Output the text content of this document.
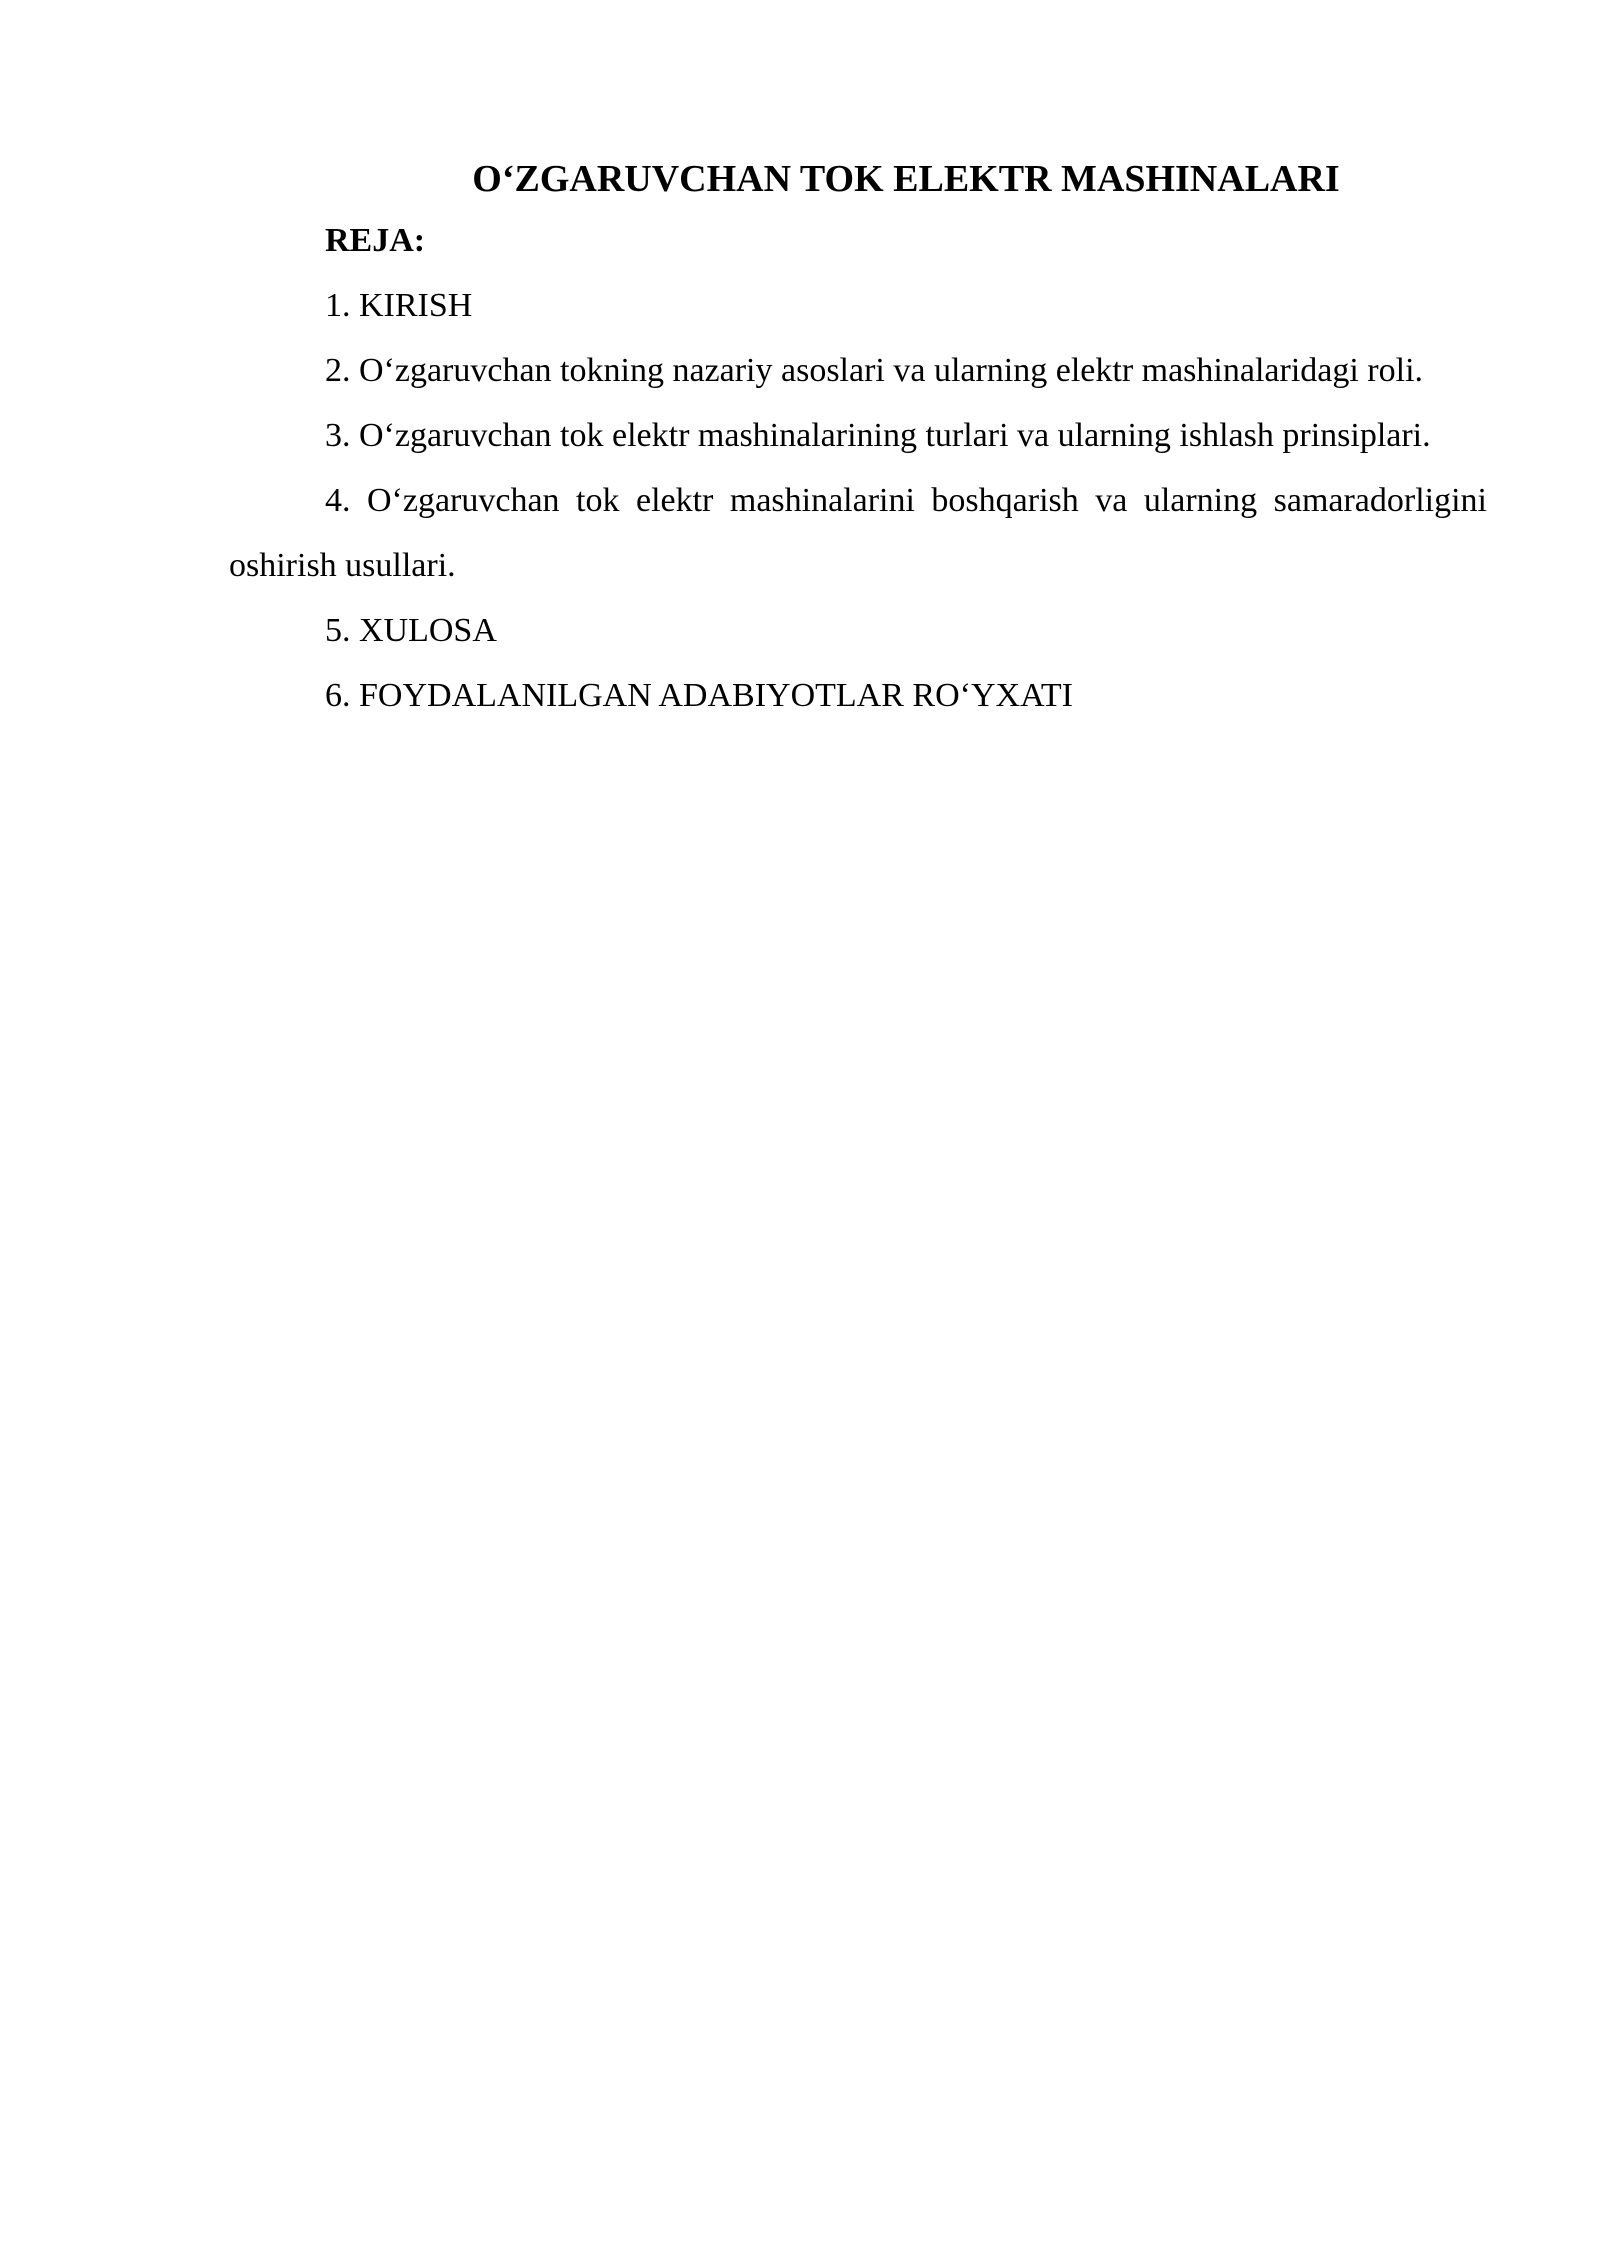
O‘ZGARUVCHAN TOK ELEKTR MASHINALARI

REJA:

1. KIRISH
2. O‘zgaruvchan tokning nazariy asoslari va ularning elektr mashinalaridagi roli.
3. O‘zgaruvchan tok elektr mashinalarining turlari va ularning ishlash prinsiplari.
4. O‘zgaruvchan tok elektr mashinalarini boshqarish va ularning samaradorligini oshirish usullari.
5. XULOSA
6. FOYDALANILGAN ADABIYOTLAR RO‘YXATI
